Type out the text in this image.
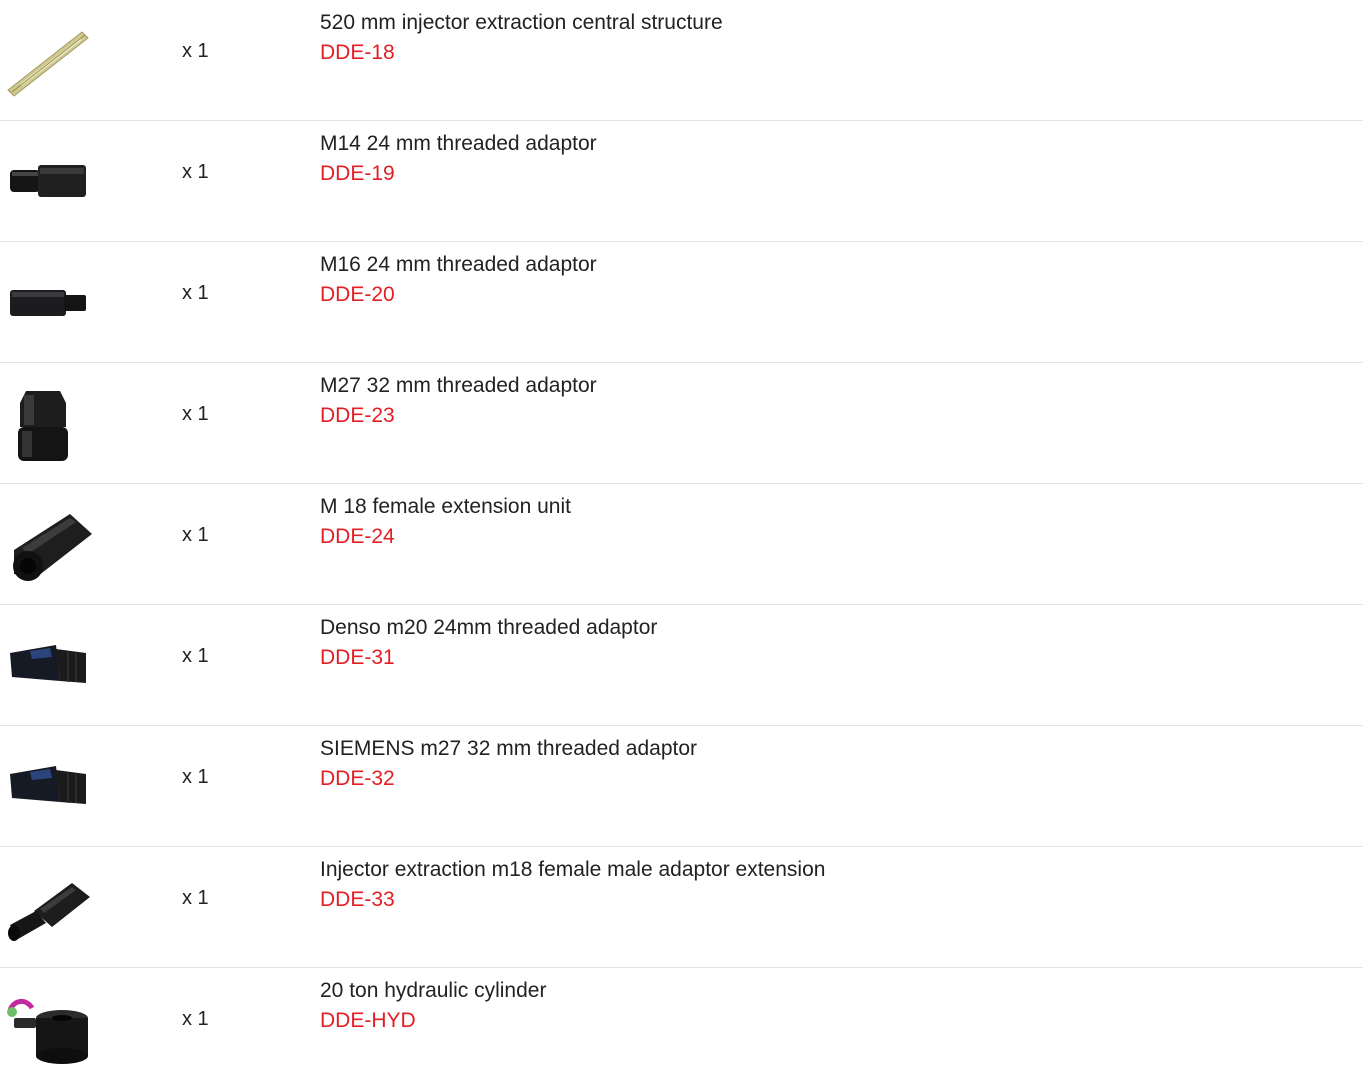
x 1
520 mm injector extraction central structure
DDE-18
x 1
M14 24 mm threaded adaptor
DDE-19
x 1
M16 24 mm threaded adaptor
DDE-20
x 1
M27 32 mm threaded adaptor
DDE-23
x 1
M 18 female extension unit
DDE-24
x 1
Denso m20 24mm threaded adaptor
DDE-31
x 1
SIEMENS m27 32 mm threaded adaptor
DDE-32
x 1
Injector extraction m18 female male adaptor extension
DDE-33
x 1
20 ton hydraulic cylinder
DDE-HYD
